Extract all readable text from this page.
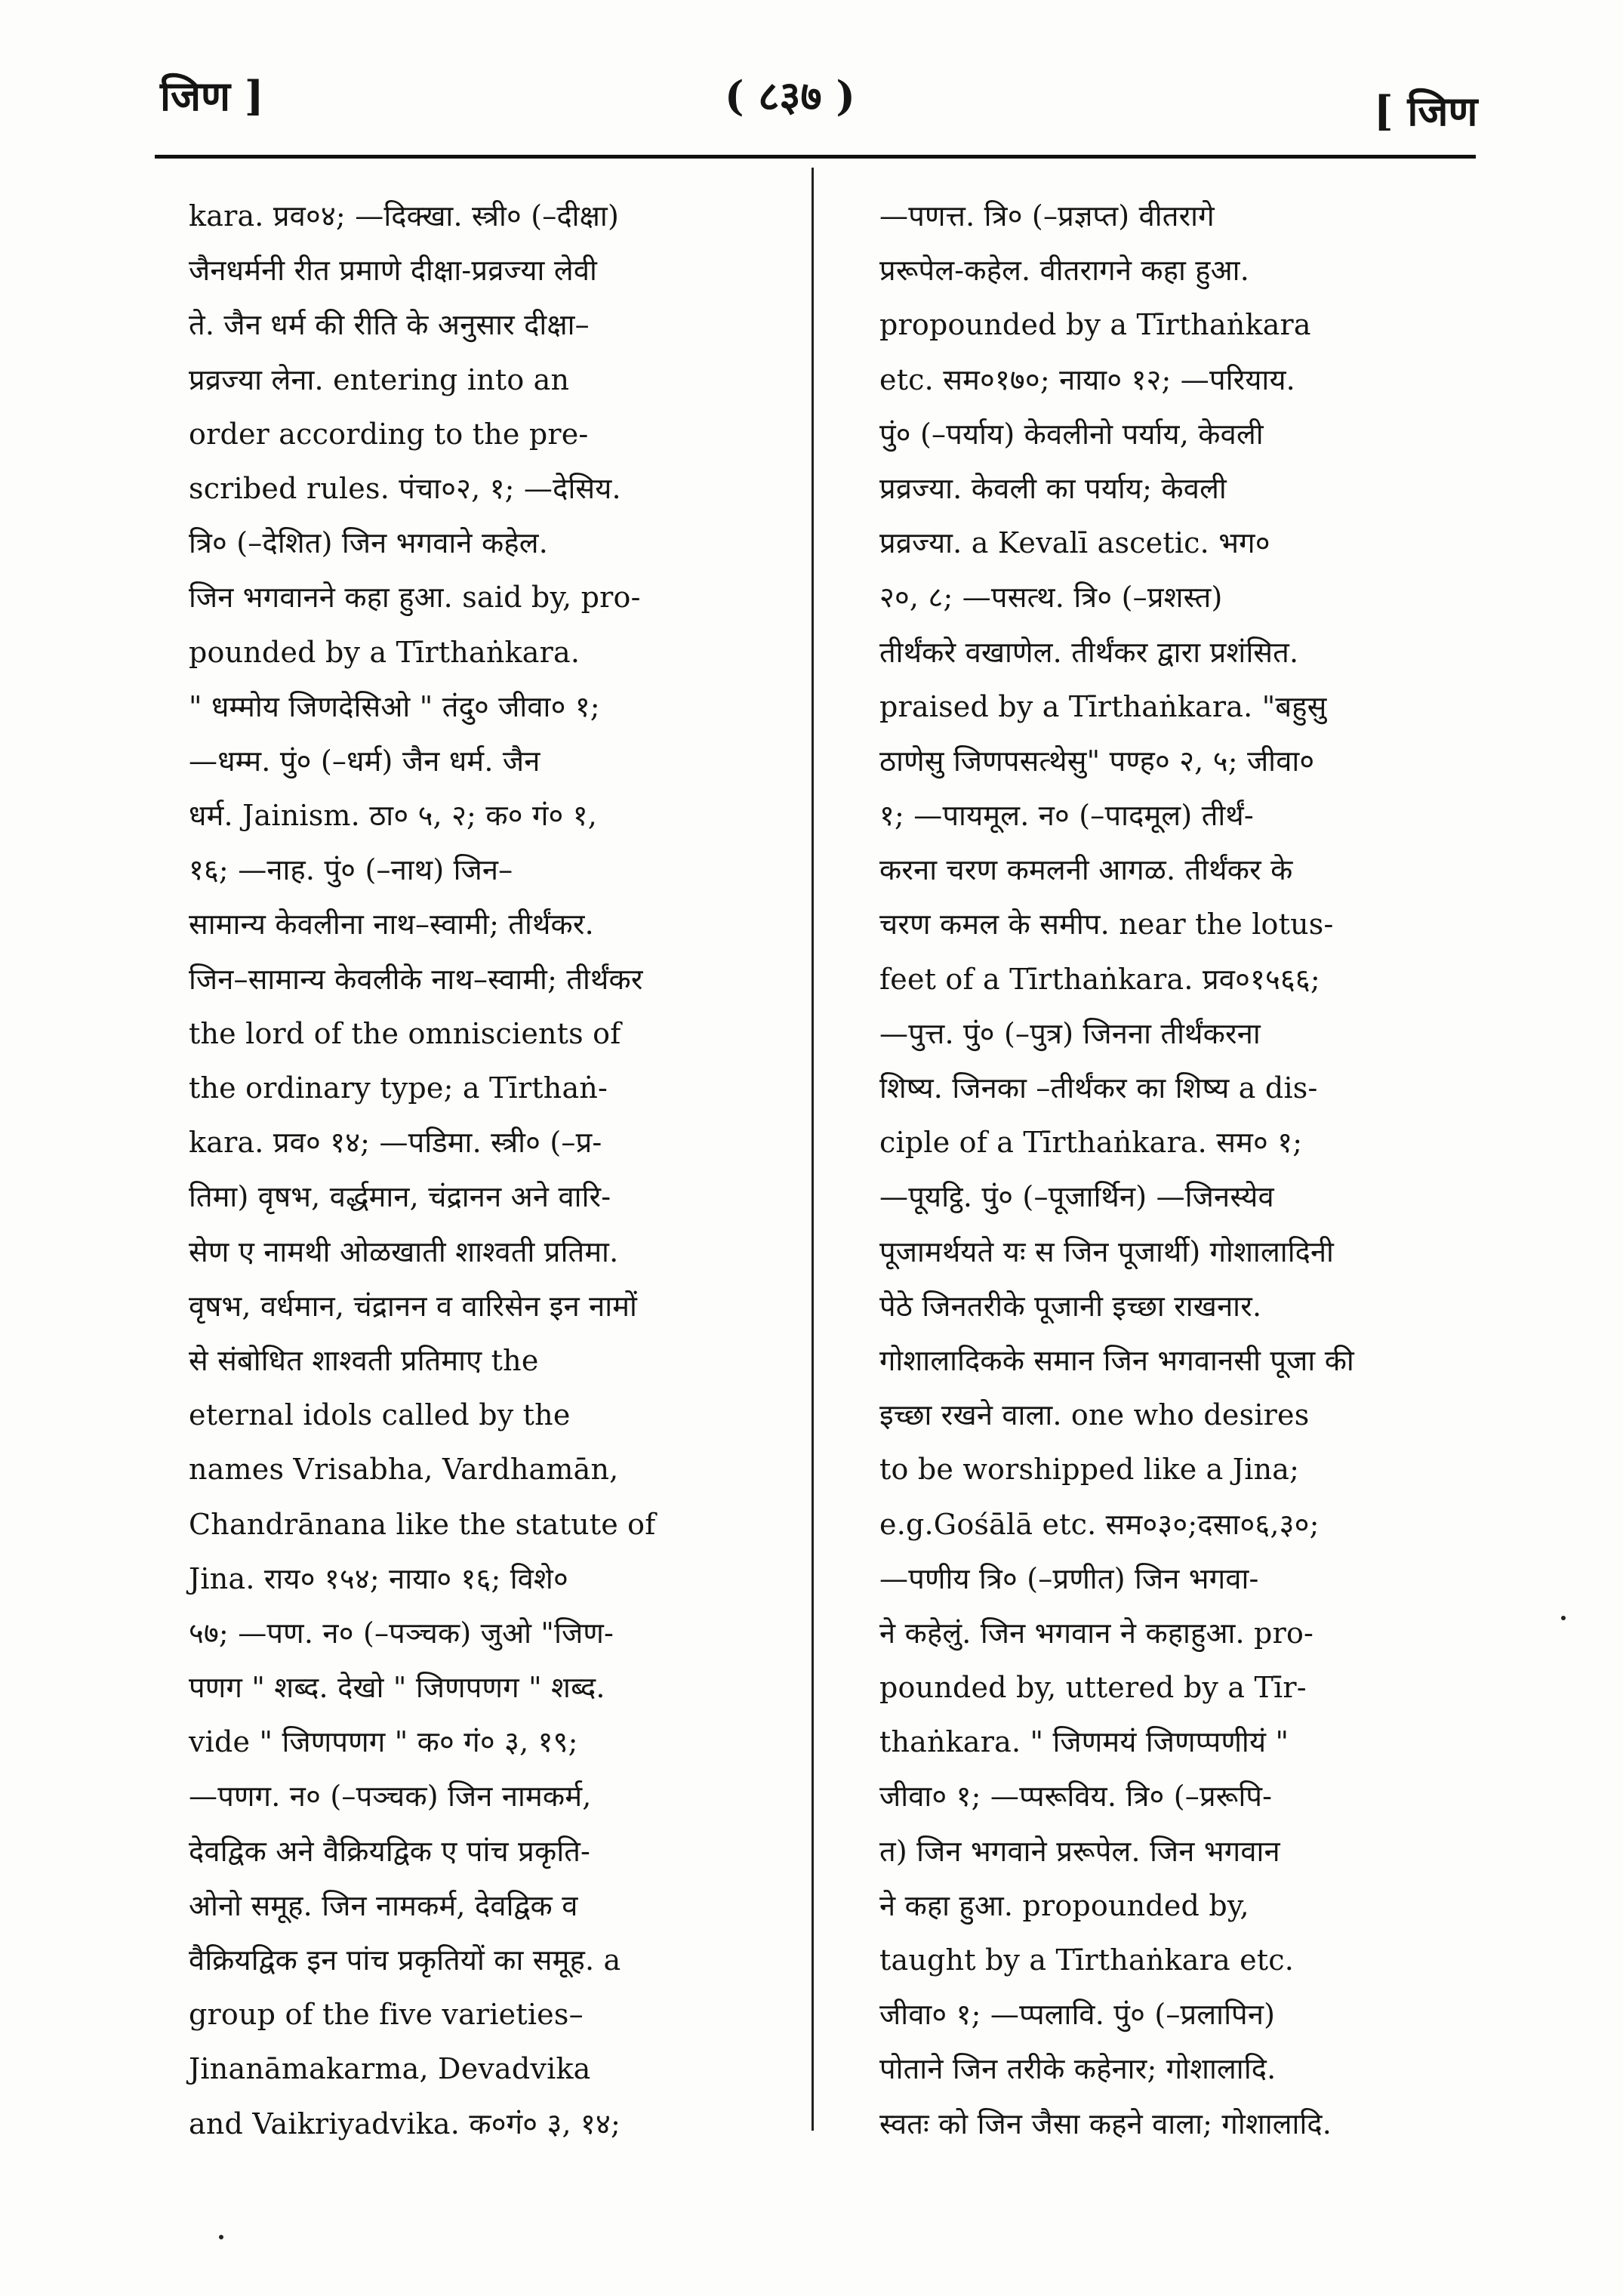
जिण ]	( ८३७ )	[ जिण
kara. प्रव०४; —दिक्खा. स्त्री० (–दीक्षा)
जैनधर्मनी रीत प्रमाणे दीक्षा-प्रव्रज्या लेवी
ते. जैन धर्म की रीति के अनुसार दीक्षा–
प्रव्रज्या लेना. entering into an
order according to the pre-
scribed rules. पंचा०२, १; —देसिय.
त्रि० (–देशित) जिन भगवाने कहेल.
जिन भगवानने कहा हुआ. said by, pro-
pounded by a Tīrthaṅkara.
" धम्मोय जिणदेसिओ " तंदु० जीवा० १;
—धम्म. पुं० (–धर्म) जैन धर्म. जैन
धर्म. Jainism. ठा० ५, २; क० गं० १,
१६; —नाह. पुं० (–नाथ) जिन–
सामान्य केवलीना नाथ–स्वामी; तीर्थंकर.
जिन–सामान्य केवलीके नाथ–स्वामी; तीर्थंकर
the lord of the omniscients of
the ordinary type; a Tīrthaṅ-
kara. प्रव० १४; —पडिमा. स्त्री० (–प्र-
तिमा) वृषभ, वर्द्धमान, चंद्रानन अने वारि-
सेण ए नामथी ओळखाती शाश्वती प्रतिमा.
वृषभ, वर्धमान, चंद्रानन व वारिसेन इन नामों
से संबोधित शाश्वती प्रतिमाए the
eternal idols called by the
names Vrisabha, Vardhamān,
Chandrānana like the statute of
Jina. राय० १५४; नाया० १६; विशे०
५७; —पण. न० (–पञ्चक) जुओ "जिण-
पणग " शब्द. देखो " जिणपणग " शब्द.
vide " जिणपणग " क० गं० ३, १९;
—पणग. न० (–पञ्चक) जिन नामकर्म,
देवद्विक अने वैक्रियद्विक ए पांच प्रकृति-
ओनो समूह. जिन नामकर्म, देवद्विक व
वैक्रियद्विक इन पांच प्रकृतियों का समूह. a
group of the five varieties–
Jinanāmakarma, Devadvika
and Vaikriyadvika. क०गं० ३, १४;
—पणत्त. त्रि० (–प्रज्ञप्त) वीतरागे
प्ररूपेल-कहेल. वीतरागने कहा हुआ.
propounded by a Tīrthaṅkara
etc. सम०१७०; नाया० १२; —परियाय.
पुं० (–पर्याय) केवलीनो पर्याय, केवली
प्रव्रज्या. केवली का पर्याय; केवली
प्रव्रज्या. a Kevalī ascetic. भग०
२०, ८; —पसत्थ. त्रि० (–प्रशस्त)
तीर्थंकरे वखाणेल. तीर्थंकर द्वारा प्रशंसित.
praised by a Tīrthaṅkara. "बहुसु
ठाणेसु जिणपसत्थेसु" पण्ह० २, ५; जीवा०
१; —पायमूल. न० (–पादमूल) तीर्थं-
करना चरण कमलनी आगळ. तीर्थंकर के
चरण कमल के समीप. near the lotus-
feet of a Tīrthaṅkara. प्रव०१५६६;
—पुत्त. पुं० (–पुत्र) जिनना तीर्थंकरना
शिष्य. जिनका –तीर्थंकर का शिष्य a dis-
ciple of a Tīrthaṅkara. सम० १;
—पूयट्ठि. पुं० (–पूजार्थिन) —जिनस्येव
पूजामर्थयते यः स जिन पूजार्थी) गोशालादिनी
पेठे जिनतरीके पूजानी इच्छा राखनार.
गोशालादिकके समान जिन भगवानसी पूजा की
इच्छा रखने वाला. one who desires
to be worshipped like a Jina;
e.g.Gośālā etc. सम०३०;दसा०६,३०;
—पणीय त्रि० (–प्रणीत) जिन भगवा-
ने कहेलुं. जिन भगवान ने कहाहुआ. pro-
pounded by, uttered by a Tīr-
thaṅkara. " जिणमयं जिणप्पणीयं "
जीवा० १; —प्परूविय. त्रि० (–प्ररूपि-
त) जिन भगवाने प्ररूपेल. जिन भगवान
ने कहा हुआ. propounded by,
taught by a Tīrthaṅkara etc.
जीवा० १; —प्पलावि. पुं० (–प्रलापिन)
पोताने जिन तरीके कहेनार; गोशालादि.
स्वतः को जिन जैसा कहने वाला; गोशालादि.
